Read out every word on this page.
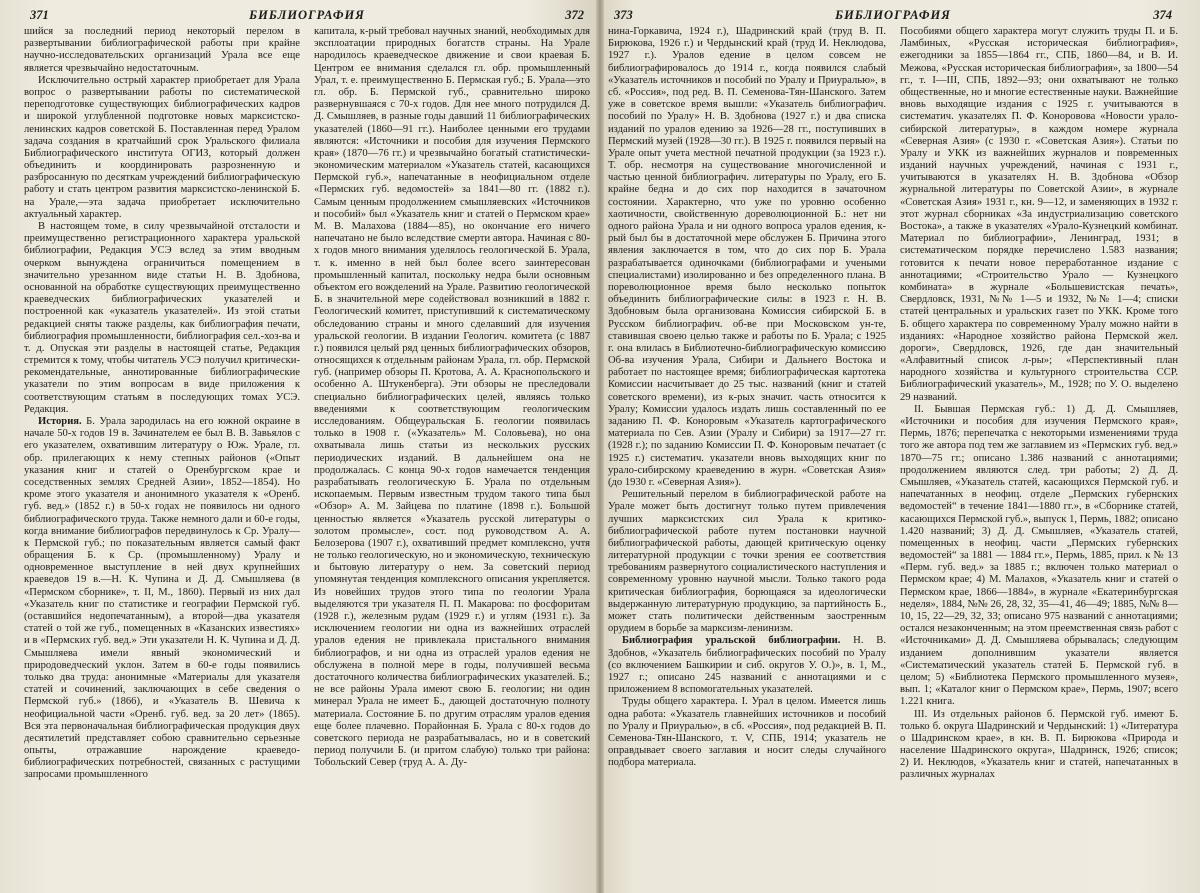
371	БИБЛИОГРАФИЯ	372

шийся за последний период некоторый перелом в развертывании библиографической работы при крайне научно-исследовательских организаций Урала все еще является чрезвычайно недостаточным.

Исключительно острый характер приобретает для Урала вопрос о развертывании работы по систематической переподготовке существующих библиографических кадров и широкой углубленной подготовке новых марксистско-ленинских кадров советской Б. Поставленная перед Уралом задача создания в кратчайший срок Уральского филиала Библиографического института ОГИЗ, который должен объединить и координировать разрозненную и разбросанную по десяткам учреждений библиографическую работу и стать центром развития марксистско-ленинской Б. на Урале,—эта задача приобретает исключительно актуальный характер.

В настоящем томе, в силу чрезвычайной отсталости и преимущественно регистрационного характера уральской библиографии, Редакция УСЭ вслед за этим вводным очерком вынуждена ограничиться помещением в значительно урезанном виде статьи Н. В. Здобнова, основанной на обработке существующих преимущественно краеведческих библиографических указателей и построенной как «указатель указателей». Из этой статьи редакцией сняты также разделы, как библиография печати, библиография промышленности, библиография сел.-хоз-ва и т. д. Опуская эти разделы в настоящей статье, Редакция стремится к тому, чтобы читатель УСЭ получил критически-рекомендательные, аннотированные библиографические указатели по этим вопросам в виде приложения к соответствующим статьям в последующих томах УСЭ. Редакция.

История. Б. Урала зародилась на его южной окраине в начале 50-х годов 19 в. Зачинателем ее был В. В. Завьялов с его указателем, охватившим литературу о Юж. Урале, гл. обр. прилегающих к нему степных районов («Опыт указания книг и статей о Оренбургском крае и соседственных землях Средней Азии», 1852—1854). Но кроме этого указателя и анонимного указателя к «Оренб. губ. вед.» (1852 г.) в 50-х годах не появилось ни одного библиографического труда. Также немного дали и 60-е годы, когда внимание библиографов передвинулось к Ср. Уралу—к Пермской губ.; по показательным является самый факт обращения Б. к Ср. (промышленному) Уралу и одновременное выступление в ней двух крупнейших краеведов 19 в.—Н. К. Чупина и Д. Д. Смышляева (в «Пермском сборнике», т. II, М., 1860). Первый из них дал «Указатель книг по статистике и географии Пермской губ. (оставшийся недопечатанным), а второй—два указателя статей о той же губ., помещенных в «Казанских известиях» и в «Пермских губ. вед.» Эти указатели Н. К. Чупина и Д. Д. Смышляева имели явный экономический и природоведческий уклон. Затем в 60-е годы появились только два труда: анонимные «Материалы для указателя статей и сочинений, заключающих в себе сведения о Пермской губ.» (1866), и «Указатель В. Шевича к неофициальной части «Оренб. губ. вед. за 20 лет» (1865). Вся эта первоначальная библиографическая продукция двух десятилетий представляет собою сравнительно серьезные опыты, отражавшие нарождение краеведо-библиографических потребностей, связанных с растущими запросами промышленного

капитала, к-рый требовал научных знаний, необходимых для эксплоатации природных богатств страны. На Урале народилось краеведческое движение и свои краевая Б. Центром ее внимания сделался гл. обр. промышленный Урал, т. е. преимущественно Б. Пермская губ.; Б. Урала—это гл. обр. Б. Пермской губ., сравнительно широко развернувшаяся с 70-х годов. Для нее много потрудился Д. Д. Смышляев, в разные годы давший 11 библиографических указателей (1860—91 гг.). Наиболее ценными его трудами являются: «Источники и пособия для изучения Пермского края» (1870—76 гг.) и чрезвычайно богатый статистически-экономическим материалом «Указатель статей, касающихся Пермской губ.», напечатанные в неофициальном отделе «Пермских губ. ведомостей» за 1841—80 гг. (1882 г.). Самым ценным продолжением смышляевских «Источников и пособий» был «Указатель книг и статей о Пермском крае» М. В. Малахова (1884—85), но окончание его ничего напечатано не было вследствие смерти автора. Начиная с 80-х годов много внимания уделялось геологической Б. Урала, т. к. именно в ней был более всего заинтересован промышленный капитал, поскольку недра были основным объектом его вожделений на Урале. Развитию геологической Б. в значительной мере содействовал возникший в 1882 г. Геологический комитет, приступивший к систематическому обследованию страны и много сделавший для изучения уральской геологии. В издании Геологич. комитета (с 1887 г.) появился целый ряд ценных библиографических обзоров, относящихся к отдельным районам Урала, гл. обр. Пермской губ. (например обзоры П. Кротова, А. А. Краснопольского и особенно А. Штукенберга). Эти обзоры не преследовали специально библиографических целей, являясь только введениями к соответствующим геологическим исследованиям. Общеуральская Б. геологии появилась только в 1908 г. («Указатель» М. Соловьева), но она охватывала лишь статьи из нескольких русских периодических изданий. В дальнейшем она не продолжалась. С конца 90-х годов намечается тенденция разрабатывать геологическую Б. Урала по отдельным ископаемым. Первым известным трудом такого типа был «Обзор» А. М. Зайцева по платине (1898 г.). Большой ценностью является «Указатель русской литературы о золотом промысле», сост. под руководством А. А. Белозерова (1907 г.), охвативший предмет комплексно, учтя не только геологическую, но и экономическую, техническую и бытовую литературу о нем. За советский период упомянутая тенденция комплексного описания укрепляется. Из новейших трудов этого типа по геологии Урала выделяются три указателя П. П. Макарова: по фосфоритам (1928 г.), железным рудам (1929 г.) и углям (1931 г.). За исключением геологии ни одна из важнейших отраслей уралов едения не привлекала пристального внимания библиографов, и ни одна из отраслей уралов едения не обслужена в полной мере в годы, получившей весьма достаточного количества библиографических указателей. Б.; не все районы Урала имеют свою Б. геологии; ни один минерал Урала не имеет Б., дающей достаточную полноту материала. Состояние Б. по другим отраслям уралов едения еще более плачевно. Порайонная Б. Урала с 80-х годов до советского периода не разрабатывалась, но и в советский период получили Б. (и притом слабую) только три района: Тобольский Север (труд А. А. Ду-

373	БИБЛИОГРАФИЯ	374

нина-Горкавича, 1924 г.), Шадринский край (труд В. П. Бирюкова, 1926 г.) и Чердынский край (труд И. Неклюдова, 1927 г.). Уралов едение в целом совсем не библиографировалось до 1914 г., когда появился слабый «Указатель источников и пособий по Уралу и Приуралью», в сб. «Россия», под ред. В. П. Семенова-Тян-Шанского. Затем уже в советское время вышли: «Указатель библиографич. пособий по Уралу» Н. В. Здобнова (1927 г.) и два списка изданий по уралов едению за 1926—28 гг., поступивших в Пермский музей (1928—30 гг.). В 1925 г. появился первый на Урале опыт учета местной печатной продукции (за 1923 г.). Т. обр. несмотря на существование многочисленной и частью ценной библиографич. литературы по Уралу, его Б. крайне бедна и до сих пор находится в зачаточном состоянии. Характерно, что уже по уровню особенно хаотичности, свойственную дореволюционной Б.: нет ни одного района Урала и ни одного вопроса уралов едения, к-рый был бы в достаточной мере обслужен Б. Причина этого явления заключается в том, что до сих пор Б. Урала разрабатывается одиночками (библиографами и учеными специалистами) изолированно и без определенного плана. В пореволюционное время было несколько попыток объединить библиографические силы: в 1923 г. Н. В. Здобновым была организована Комиссия сибирской Б. в Русском библиографич. об-ве при Московском ун-те, ставившая своею целью также и работы по Б. Урала; с 1925 г. она влилась в Библиотечно-библиографическую комиссию Об-ва изучения Урала, Сибири и Дальнего Востока и работает по настоящее время; библиографическая картотека Комиссии насчитывает до 25 тыс. названий (книг и статей советского времени), из к-рых значит. часть относится к Уралу; Комиссии удалось издать лишь составленный по ее заданию П. Ф. Коноровым «Указатель картографического материала по Сев. Азии (Уралу и Сибири) за 1917—27 гг. (1928 г.); по заданию Комиссии П. Ф. Коноровым печатает (с 1925 г.) систематич. указатели вновь выходящих книг по урало-сибирскому краеведению в журн. «Советская Азия» (до 1930 г. «Северная Азия»).

Решительный перелом в библиографической работе на Урале может быть достигнут только путем привлечения лучших марксистских сил Урала к критико-библиографической работе путем постановки научной библиографической работы, дающей критическую оценку литературной продукции с точки зрения ее соответствия требованиям развернутого социалистического наступления и современному уровню научной мысли. Только такого рода критическая библиография, борющаяся за идеологически выдержанную литературную продукцию, за партийность Б., может стать политически действенным заостренным орудием в борьбе за марксизм-ленинизм.

Библиография уральской библиографии. Н. В. Здобнов, «Указатель библиографических пособий по Уралу (со включением Башкирии и сиб. округов У. О.)», в. 1, М., 1927 г.; описано 245 названий с аннотациями и с приложением 8 вспомогательных указателей.

Труды общего характера. I. Урал в целом. Имеется лишь одна работа: «Указатель главнейших источников и пособий по Уралу и Приуралью», в сб. «Россия», под редакцией В. П. Семенова-Тян-Шанского, т. V, СПБ, 1914; указатель не оправдывает своего заглавия и носит следы случайного подбора материала.

Пособиями общего характера могут служить труды П. и Б. Ламбиных, «Русская историческая библиография», ежегодники за 1855—1864 гг., СПБ, 1860—84, и В. И. Межова, «Русская историческая библиография», за 1800—54 гг., т. I—III, СПБ, 1892—93; они охватывают не только общественные, но и многие естественные науки. Важнейшие вновь выходящие издания с 1925 г. учитываются в систематич. указателях П. Ф. Коноровова «Новости урало-сибирской литературы», в каждом номере журнала «Северная Азия» (с 1930 г. «Советская Азия»). Статьи по Уралу и УКК из важнейших журналов и повременных изданий научных учреждений, начиная с 1931 г., учитываются в указателях Н. В. Здобнова «Обзор журнальной литературы по Советской Азии», в журнале «Советская Азия» 1931 г., кн. 9—12, и заменяющих в 1932 г. этот журнал сборниках «За индустриализацию советского Востока», а также в указателях «Урало-Кузнецкий комбинат. Материал по библиографии», Ленинград, 1931; в систематическом порядке перечислено 1.583 названия; готовится к печати новое переработанное издание с аннотациями; «Строительство Урало — Кузнецкого комбината» в журнале «Большевистская печать», Свердловск, 1931, №№ 1—5 и 1932, №№ 1—4; списки статей центральных и уральских газет по УКК. Кроме того Б. общего характера по современному Уралу можно найти в изданиях: «Народное хозяйство района Пермской жел. дороги», Свердловск, 1926, где дан значительный «Алфавитный список л-ры»; «Перспективный план народного хозяйства и культурного строительства ССР. Библиографический указатель», М., 1928; по У. О. выделено 29 названий.

II. Бывшая Пермская губ.: 1) Д. Д. Смышляев, «Источники и пособия для изучения Пермского края», Пермь, 1876; перепечатка с некоторыми изменениями труда того же автора под тем же заглавием из «Пермских губ. вед.» 1870—75 гг.; описано 1.386 названий с аннотациями; продолжением являются след. три работы; 2) Д. Д. Смышляев, «Указатель статей, касающихся Пермской губ. и напечатанных в неофиц. отделе „Пермских губернских ведомостей“ в течение 1841—1880 гг.», в «Сборнике статей, касающихся Пермской губ.», выпуск 1, Пермь, 1882; описано 1.420 названий; 3) Д. Д. Смышляев, «Указатель статей, помещенных в неофиц. части „Пермских губернских ведомостей“ за 1881 — 1884 гг.», Пермь, 1885, прил. к № 13 «Перм. губ. вед.» за 1885 г.; включен только материал о Пермском крае; 4) М. Малахов, «Указатель книг и статей о Пермском крае, 1866—1884», в журнале «Екатеринбургская неделя», 1884, №№ 26, 28, 32, 35—41, 46—49; 1885, №№ 8—10, 15, 22—29, 32, 33; описано 975 названий с аннотациями; остался незаконченным; на этом преемственная связь работ с «Источниками» Д. Д. Смышляева обрывалась; следующим изданием дополнившим указатели является «Систематический указатель статей Б. Пермской губ. в целом; 5) «Библиотека Пермского промышленного музея», вып. 1; «Каталог книг о Пермском крае», Пермь, 1907; всего 1.221 книга.

III. Из отдельных районов б. Пермской губ. имеют Б. только б. округа Шадринский и Чердынский: 1) «Литература о Шадринском крае», в кн. В. П. Бирюкова «Природа и население Шадринского округа», Шадринск, 1926; список; 2) И. Неклюдов, «Указатель книг и статей, напечатанных в различных журналах
